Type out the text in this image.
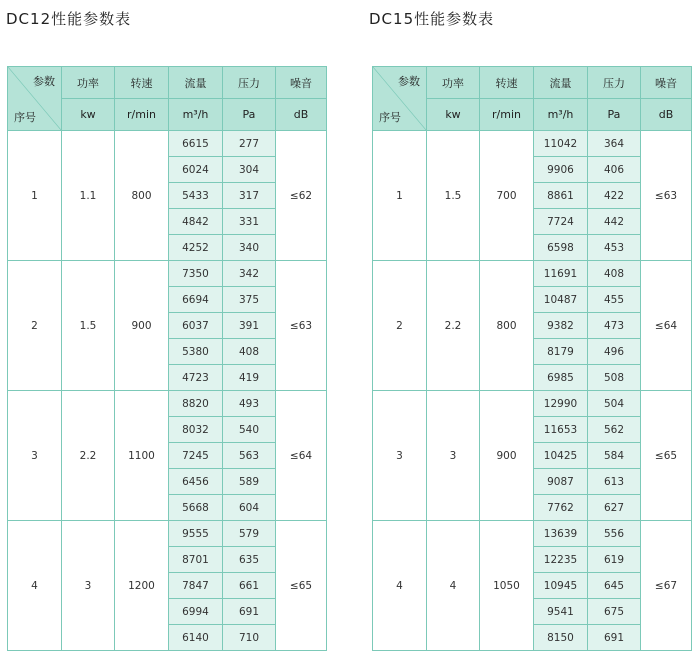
DC12性能参数表	DC15性能参数表
参数
序号	功率	转速	流量	压力	噪音
	kw	r/min	m³/h	Pa	dB
1	1.1	800	6615	277	≤62
			6024	304	
			5433	317	
			4842	331	
			4252	340	
2	1.5	900	7350	342	≤63
			6694	375	
			6037	391	
			5380	408	
			4723	419	
3	2.2	1100	8820	493	≤64
			8032	540	
			7245	563	
			6456	589	
			5668	604	
4	3	1200	9555	579	≤65
			8701	635	
			7847	661	
			6994	691	
			6140	710	
参数
序号	功率	转速	流量	压力	噪音
	kw	r/min	m³/h	Pa	dB
1	1.5	700	11042	364	≤63
			9906	406	
			8861	422	
			7724	442	
			6598	453	
2	2.2	800	11691	408	≤64
			10487	455	
			9382	473	
			8179	496	
			6985	508	
3	3	900	12990	504	≤65
			11653	562	
			10425	584	
			9087	613	
			7762	627	
4	4	1050	13639	556	≤67
			12235	619	
			10945	645	
			9541	675	
			8150	691	
